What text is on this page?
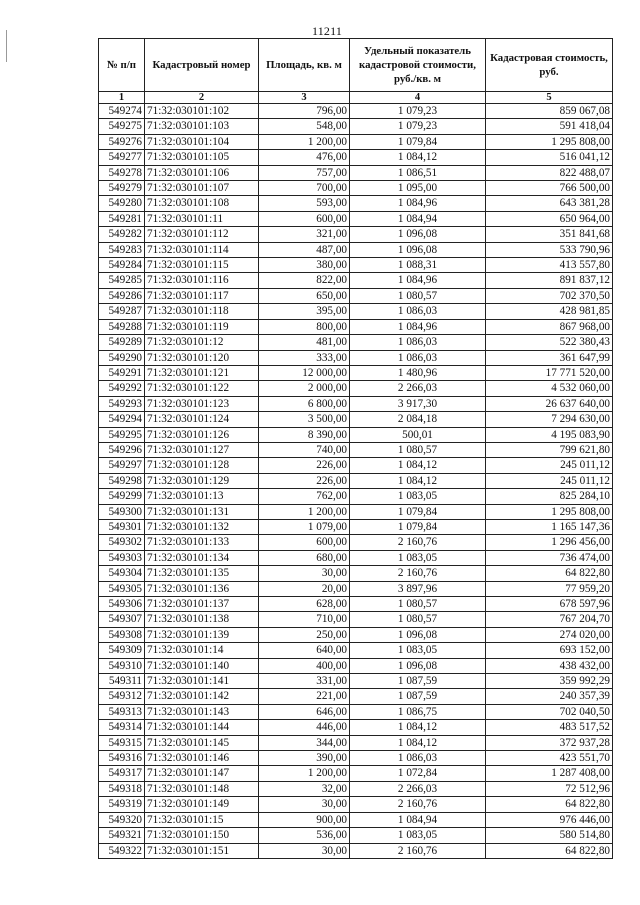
11211
№ п/п	Кадастровый номер	Площадь, кв. м	Удельный показатель кадастровой стоимости, руб./кв. м	Кадастровая стоимость, руб.
1	2	3	4	5
549274	71:32:030101:102	796,00	1 079,23	859 067,08
549275	71:32:030101:103	548,00	1 079,23	591 418,04
549276	71:32:030101:104	1 200,00	1 079,84	1 295 808,00
549277	71:32:030101:105	476,00	1 084,12	516 041,12
549278	71:32:030101:106	757,00	1 086,51	822 488,07
549279	71:32:030101:107	700,00	1 095,00	766 500,00
549280	71:32:030101:108	593,00	1 084,96	643 381,28
549281	71:32:030101:11	600,00	1 084,94	650 964,00
549282	71:32:030101:112	321,00	1 096,08	351 841,68
549283	71:32:030101:114	487,00	1 096,08	533 790,96
549284	71:32:030101:115	380,00	1 088,31	413 557,80
549285	71:32:030101:116	822,00	1 084,96	891 837,12
549286	71:32:030101:117	650,00	1 080,57	702 370,50
549287	71:32:030101:118	395,00	1 086,03	428 981,85
549288	71:32:030101:119	800,00	1 084,96	867 968,00
549289	71:32:030101:12	481,00	1 086,03	522 380,43
549290	71:32:030101:120	333,00	1 086,03	361 647,99
549291	71:32:030101:121	12 000,00	1 480,96	17 771 520,00
549292	71:32:030101:122	2 000,00	2 266,03	4 532 060,00
549293	71:32:030101:123	6 800,00	3 917,30	26 637 640,00
549294	71:32:030101:124	3 500,00	2 084,18	7 294 630,00
549295	71:32:030101:126	8 390,00	500,01	4 195 083,90
549296	71:32:030101:127	740,00	1 080,57	799 621,80
549297	71:32:030101:128	226,00	1 084,12	245 011,12
549298	71:32:030101:129	226,00	1 084,12	245 011,12
549299	71:32:030101:13	762,00	1 083,05	825 284,10
549300	71:32:030101:131	1 200,00	1 079,84	1 295 808,00
549301	71:32:030101:132	1 079,00	1 079,84	1 165 147,36
549302	71:32:030101:133	600,00	2 160,76	1 296 456,00
549303	71:32:030101:134	680,00	1 083,05	736 474,00
549304	71:32:030101:135	30,00	2 160,76	64 822,80
549305	71:32:030101:136	20,00	3 897,96	77 959,20
549306	71:32:030101:137	628,00	1 080,57	678 597,96
549307	71:32:030101:138	710,00	1 080,57	767 204,70
549308	71:32:030101:139	250,00	1 096,08	274 020,00
549309	71:32:030101:14	640,00	1 083,05	693 152,00
549310	71:32:030101:140	400,00	1 096,08	438 432,00
549311	71:32:030101:141	331,00	1 087,59	359 992,29
549312	71:32:030101:142	221,00	1 087,59	240 357,39
549313	71:32:030101:143	646,00	1 086,75	702 040,50
549314	71:32:030101:144	446,00	1 084,12	483 517,52
549315	71:32:030101:145	344,00	1 084,12	372 937,28
549316	71:32:030101:146	390,00	1 086,03	423 551,70
549317	71:32:030101:147	1 200,00	1 072,84	1 287 408,00
549318	71:32:030101:148	32,00	2 266,03	72 512,96
549319	71:32:030101:149	30,00	2 160,76	64 822,80
549320	71:32:030101:15	900,00	1 084,94	976 446,00
549321	71:32:030101:150	536,00	1 083,05	580 514,80
549322	71:32:030101:151	30,00	2 160,76	64 822,80
